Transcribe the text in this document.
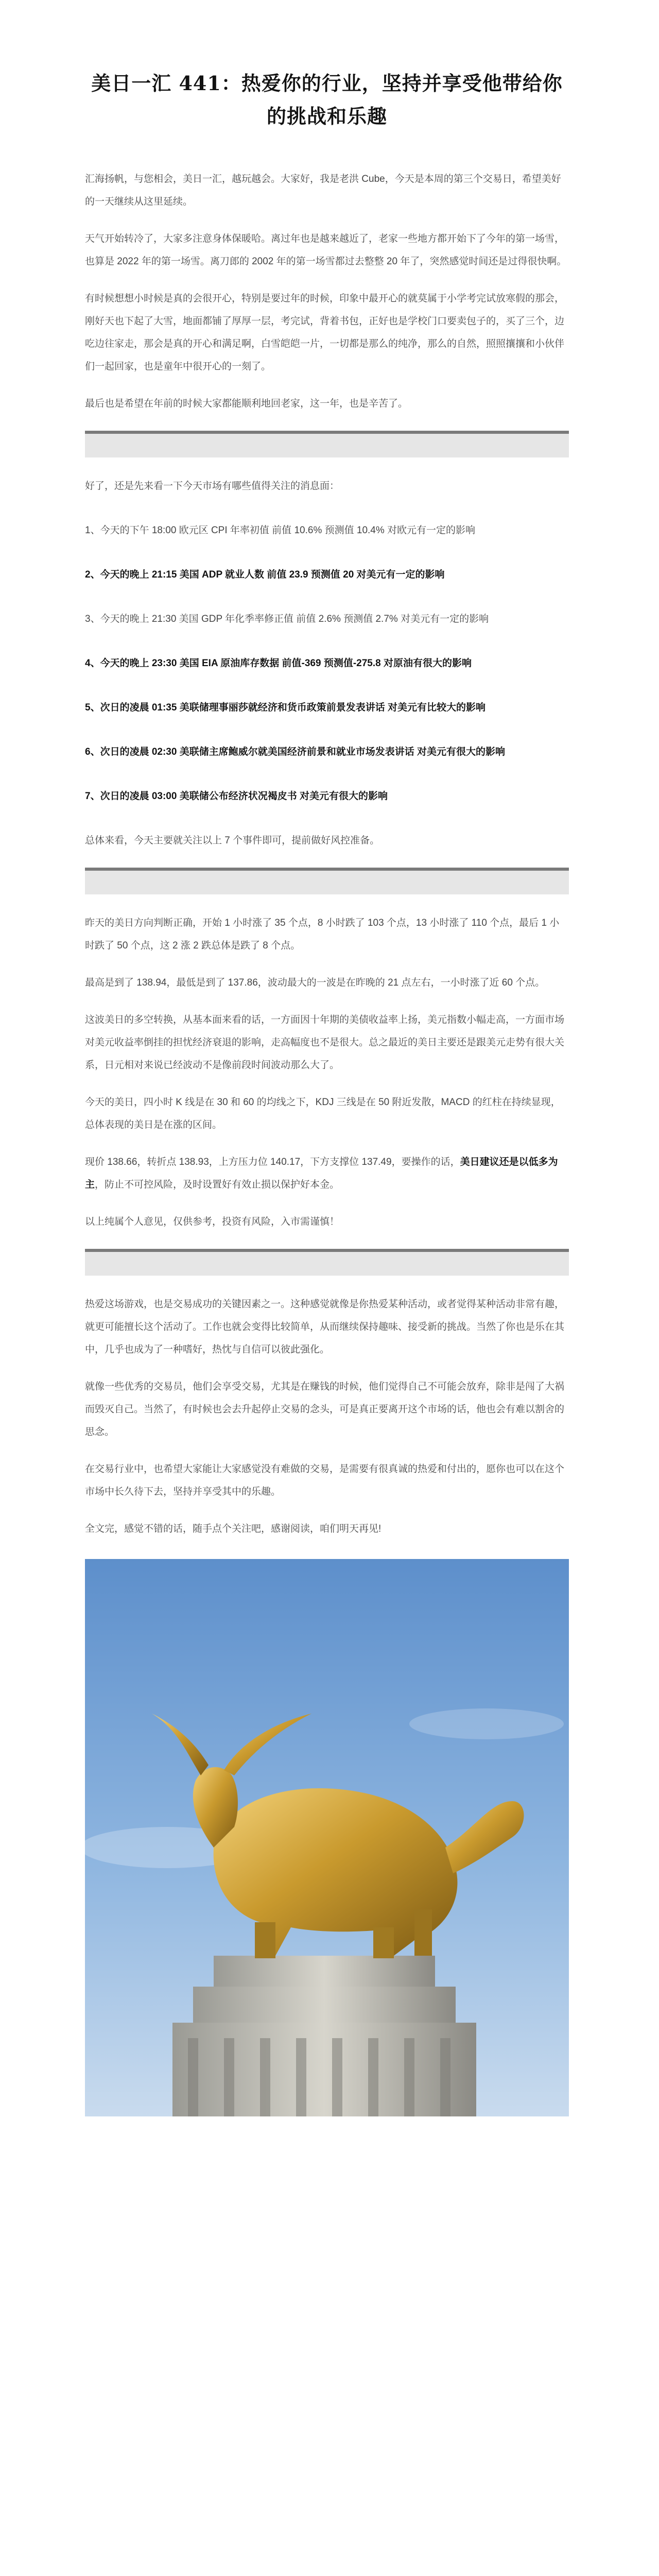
美日一汇 441：热爱你的行业，坚持并享受他带给你的挑战和乐趣

汇海扬帆，与您相会，美日一汇，越玩越会。大家好，我是老洪 Cube，今天是本周的第三个交易日，希望美好的一天继续从这里延续。

天气开始转冷了，大家多注意身体保暖哈。离过年也是越来越近了，老家一些地方都开始下了今年的第一场雪，也算是 2022 年的第一场雪。离刀郎的 2002 年的第一场雪都过去整整 20 年了，突然感觉时间还是过得很快啊。

有时候想想小时候是真的会很开心，特别是要过年的时候，印象中最开心的就莫属于小学考完试放寒假的那会，刚好天也下起了大雪，地面都铺了厚厚一层，考完试，背着书包，正好也是学校门口要卖包子的，买了三个，边吃边往家走，那会是真的开心和满足啊，白雪皑皑一片，一切都是那么的纯净，那么的自然，照照攘攘和小伙伴们一起回家，也是童年中很开心的一刻了。

最后也是希望在年前的时候大家都能顺利地回老家，这一年，也是辛苦了。

好了，还是先来看一下今天市场有哪些值得关注的消息面：

1、今天的下午 18:00 欧元区 CPI 年率初值 前值 10.6% 预测值 10.4% 对欧元有一定的影响

2、今天的晚上 21:15 美国 ADP 就业人数 前值 23.9 预测值 20 对美元有一定的影响

3、今天的晚上 21:30 美国 GDP 年化季率修正值 前值 2.6% 预测值 2.7% 对美元有一定的影响

4、今天的晚上 23:30 美国 EIA 原油库存数据 前值-369 预测值-275.8 对原油有很大的影响

5、次日的凌晨 01:35 美联储理事丽莎就经济和货币政策前景发表讲话 对美元有比较大的影响

6、次日的凌晨 02:30 美联储主席鲍威尔就美国经济前景和就业市场发表讲话 对美元有很大的影响

7、次日的凌晨 03:00 美联储公布经济状况褐皮书 对美元有很大的影响

总体来看，今天主要就关注以上 7 个事件即可，提前做好风控准备。

昨天的美日方向判断正确，开始 1 小时涨了 35 个点，8 小时跌了 103 个点，13 小时涨了 110 个点，最后 1 小时跌了 50 个点，这 2 涨 2 跌总体是跌了 8 个点。

最高是到了 138.94，最低是到了 137.86，波动最大的一波是在昨晚的 21 点左右，一小时涨了近 60 个点。

这波美日的多空转换，从基本面来看的话，一方面因十年期的美债收益率上扬，美元指数小幅走高，一方面市场对美元收益率倒挂的担忧经济衰退的影响，走高幅度也不是很大。总之最近的美日主要还是跟美元走势有很大关系，日元相对来说已经波动不是像前段时间波动那么大了。

今天的美日，四小时 K 线是在 30 和 60 的均线之下，KDJ 三线是在 50 附近发散，MACD 的红柱在持续显现，总体表现的美日是在涨的区间。

现价 138.66，转折点 138.93，上方压力位 140.17，下方支撑位 137.49，要操作的话，美日建议还是以低多为主，防止不可控风险，及时设置好有效止损以保护好本金。

以上纯属个人意见，仅供参考，投资有风险，入市需谨慎！

热爱这场游戏，也是交易成功的关键因素之一。这种感觉就像是你热爱某种活动，或者觉得某种活动非常有趣，就更可能擅长这个活动了。工作也就会变得比较简单，从而继续保持趣味、接受新的挑战。当然了你也是乐在其中，几乎也成为了一种嗜好，热忱与自信可以彼此强化。

就像一些优秀的交易员，他们会享受交易，尤其是在赚钱的时候，他们觉得自己不可能会放弃，除非是闯了大祸而毁灭自己。当然了，有时候也会去升起停止交易的念头，可是真正要离开这个市场的话，他也会有难以割舍的思念。

在交易行业中，也希望大家能让大家感觉没有难做的交易，是需要有很真诚的热爱和付出的，愿你也可以在这个市场中长久待下去，坚持并享受其中的乐趣。

全文完，感觉不错的话，随手点个关注吧，感谢阅读，咱们明天再见!
